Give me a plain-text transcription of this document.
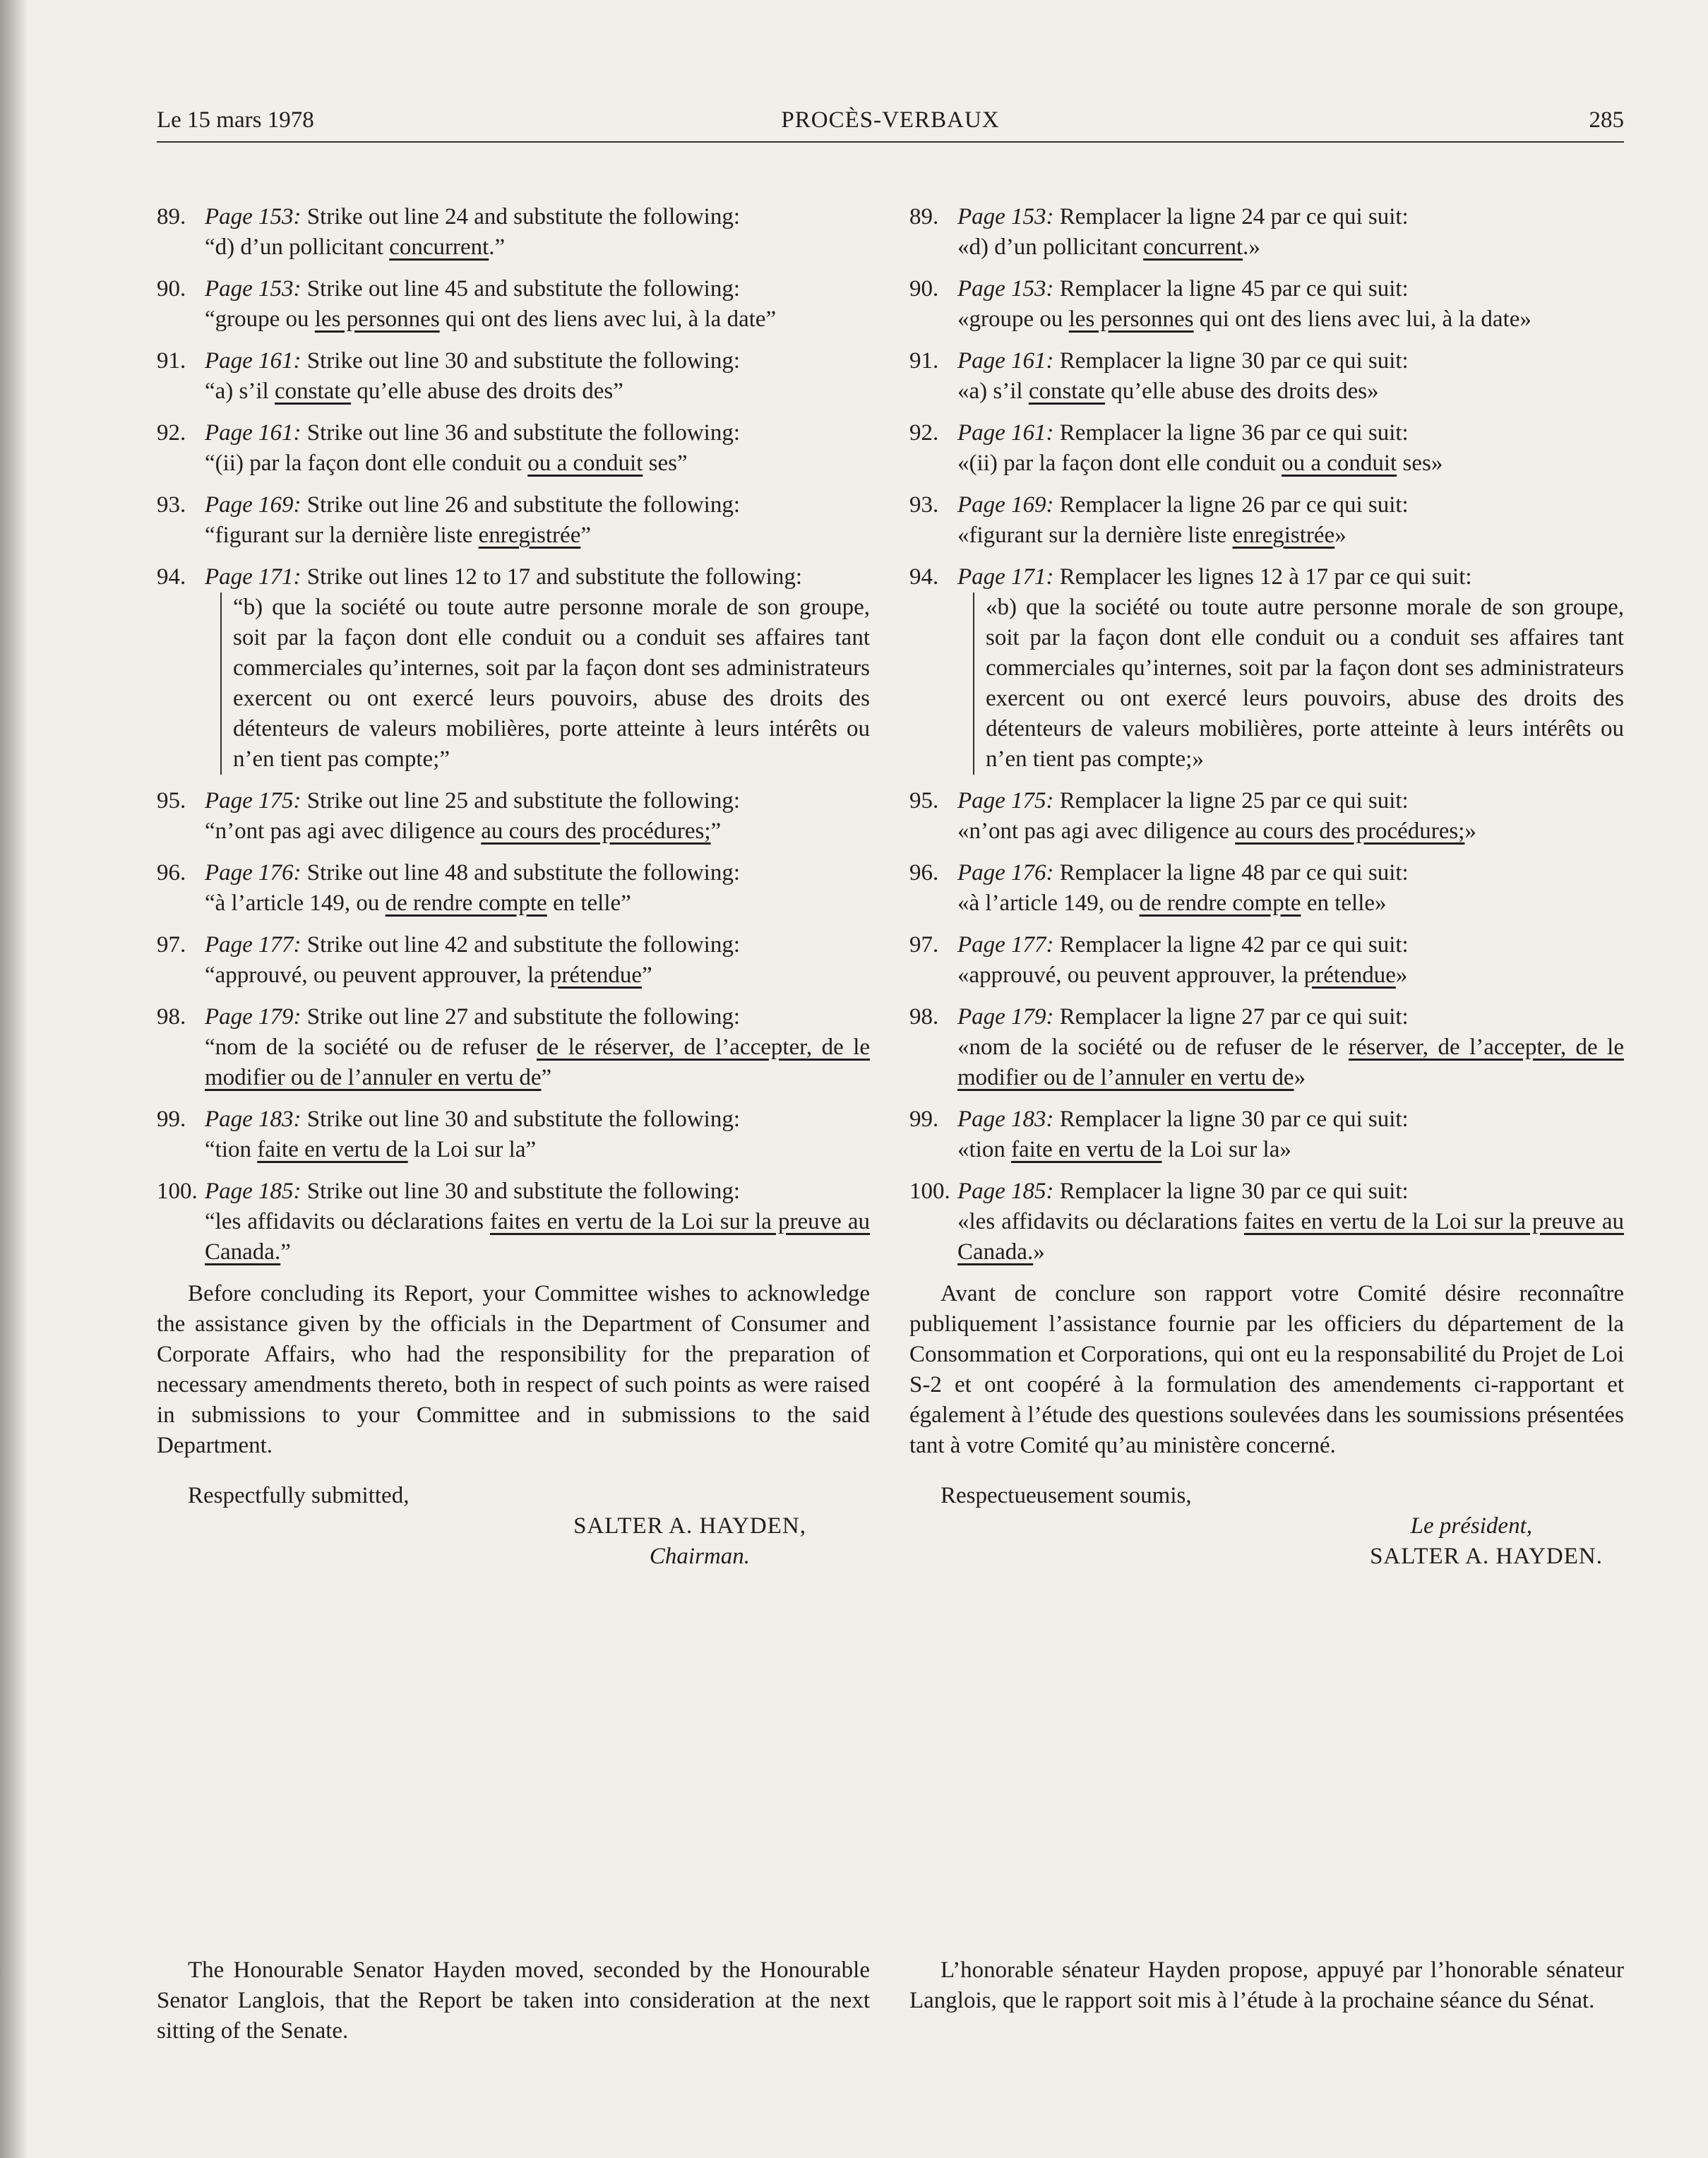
PROCÈS-VERBAUX
Le 15 mars 1978	285
89. Page 153: Strike out line 24 and substitute the following:
“d) d’un pollicitant concurrent.”
90. Page 153: Strike out line 45 and substitute the following:
“groupe ou les personnes qui ont des liens avec lui, à la date”
91. Page 161: Strike out line 30 and substitute the following:
“a) s’il constate qu’elle abuse des droits des”
92. Page 161: Strike out line 36 and substitute the following:
“(ii) par la façon dont elle conduit ou a conduit ses”
93. Page 169: Strike out line 26 and substitute the following:
“figurant sur la dernière liste enregistrée”
94. Page 171: Strike out lines 12 to 17 and substitute the following:
“b) que la société ou toute autre personne morale de son groupe, soit par la façon dont elle conduit ou a conduit ses affaires tant commerciales qu’internes, soit par la façon dont ses administrateurs exercent ou ont exercé leurs pouvoirs, abuse des droits des détenteurs de valeurs mobilières, porte atteinte à leurs intérêts ou n’en tient pas compte;”
95. Page 175: Strike out line 25 and substitute the following:
“n’ont pas agi avec diligence au cours des procédures;”
96. Page 176: Strike out line 48 and substitute the following:
“à l’article 149, ou de rendre compte en telle”
97. Page 177: Strike out line 42 and substitute the following:
“approuvé, ou peuvent approuver, la prétendue”
98. Page 179: Strike out line 27 and substitute the following:
“nom de la société ou de refuser de le réserver, de l’accepter, de le modifier ou de l’annuler en vertu de”
99. Page 183: Strike out line 30 and substitute the following:
“tion faite en vertu de la Loi sur la”
100. Page 185: Strike out line 30 and substitute the following:
“les affidavits ou déclarations faites en vertu de la Loi sur la preuve au Canada.”

Before concluding its Report, your Committee wishes to acknowledge the assistance given by the officials in the Department of Consumer and Corporate Affairs, who had the responsibility for the preparation of necessary amendments thereto, both in respect of such points as were raised in submissions to your Committee and in submissions to the said Department.

Respectfully submitted,
SALTER A. HAYDEN,
Chairman.
89. Page 153: Remplacer la ligne 24 par ce qui suit:
«d) d’un pollicitant concurrent.»
90. Page 153: Remplacer la ligne 45 par ce qui suit:
«groupe ou les personnes qui ont des liens avec lui, à la date»
91. Page 161: Remplacer la ligne 30 par ce qui suit:
«a) s’il constate qu’elle abuse des droits des»
92. Page 161: Remplacer la ligne 36 par ce qui suit:
«(ii) par la façon dont elle conduit ou a conduit ses»
93. Page 169: Remplacer la ligne 26 par ce qui suit:
«figurant sur la dernière liste enregistrée»
94. Page 171: Remplacer les lignes 12 à 17 par ce qui suit:
«b) que la société ou toute autre personne morale de son groupe, soit par la façon dont elle conduit ou a conduit ses affaires tant commerciales qu’internes, soit par la façon dont ses administrateurs exercent ou ont exercé leurs pouvoirs, abuse des droits des détenteurs de valeurs mobilières, porte atteinte à leurs intérêts ou n’en tient pas compte;»
95. Page 175: Remplacer la ligne 25 par ce qui suit:
«n’ont pas agi avec diligence au cours des procédures;»
96. Page 176: Remplacer la ligne 48 par ce qui suit:
«à l’article 149, ou de rendre compte en telle»
97. Page 177: Remplacer la ligne 42 par ce qui suit:
«approuvé, ou peuvent approuver, la prétendue»
98. Page 179: Remplacer la ligne 27 par ce qui suit:
«nom de la société ou de refuser de le réserver, de l’accepter, de le modifier ou de l’annuler en vertu de»
99. Page 183: Remplacer la ligne 30 par ce qui suit:
«tion faite en vertu de la Loi sur la»
100. Page 185: Remplacer la ligne 30 par ce qui suit:
«les affidavits ou déclarations faites en vertu de la Loi sur la preuve au Canada.»

Avant de conclure son rapport votre Comité désire reconnaître publiquement l’assistance fournie par les officiers du département de la Consommation et Corporations, qui ont eu la responsabilité du Projet de Loi S-2 et ont coopéré à la formulation des amendements ci-rapportant et également à l’étude des questions soulevées dans les soumissions présentées tant à votre Comité qu’au ministère concerné.

Respectueusement soumis,
Le président,
SALTER A. HAYDEN.

The Honourable Senator Hayden moved, seconded by the Honourable Senator Langlois, that the Report be taken into consideration at the next sitting of the Senate.

L’honorable sénateur Hayden propose, appuyé par l’honorable sénateur Langlois, que le rapport soit mis à l’étude à la prochaine séance du Sénat.
